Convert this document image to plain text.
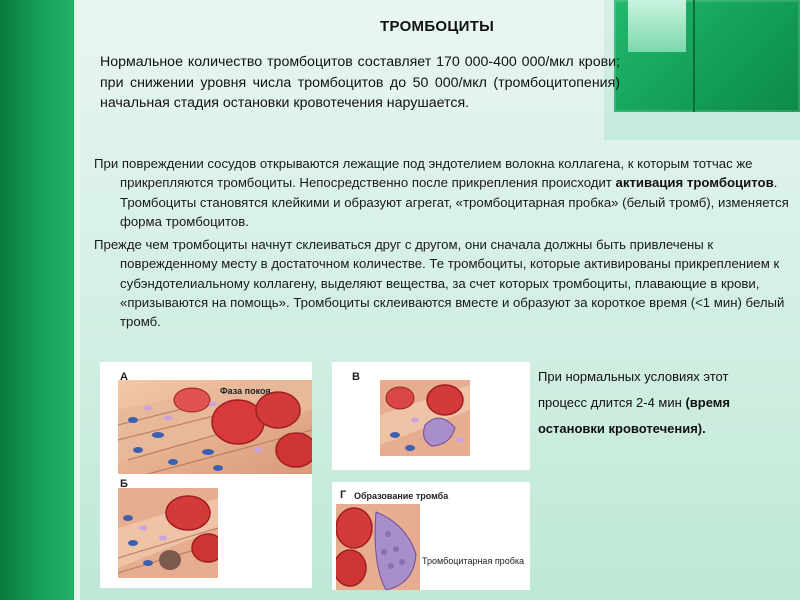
ТРОМБОЦИТЫ

Нормальное количество тромбоцитов составляет 170 000-400 000/мкл крови; при снижении уровня числа тромбоцитов до 50 000/мкл (тромбоцитопения) начальная стадия остановки кровотечения нарушается.

При повреждении сосудов открываются лежащие под эндотелием волокна коллагена, к которым тотчас же прикрепляются тромбоциты. Непосредственно после прикрепления происходит активация тромбоцитов. Тромбоциты становятся клейкими и образуют агрегат, «тромбоцитарная пробка» (белый тромб), изменяется форма тромбоцитов.

Прежде чем тромбоциты начнут склеиваться друг с другом, они сначала должны быть привлечены к поврежденному месту в достаточном количестве. Те тромбоциты, которые активированы прикреплением к субэндотелиальному коллагену, выделяют вещества, за счет которых тромбоциты, плавающие в крови, «призываются на помощь». Тромбоциты склеиваются вместе и образуют за короткое время (<1 мин) белый тромб.

А
Фаза покоя
Б
В
Г Образование тромба
Тромбоцитарная пробка

При нормальных условиях этот процесс длится 2-4 мин (время остановки кровотечения).
